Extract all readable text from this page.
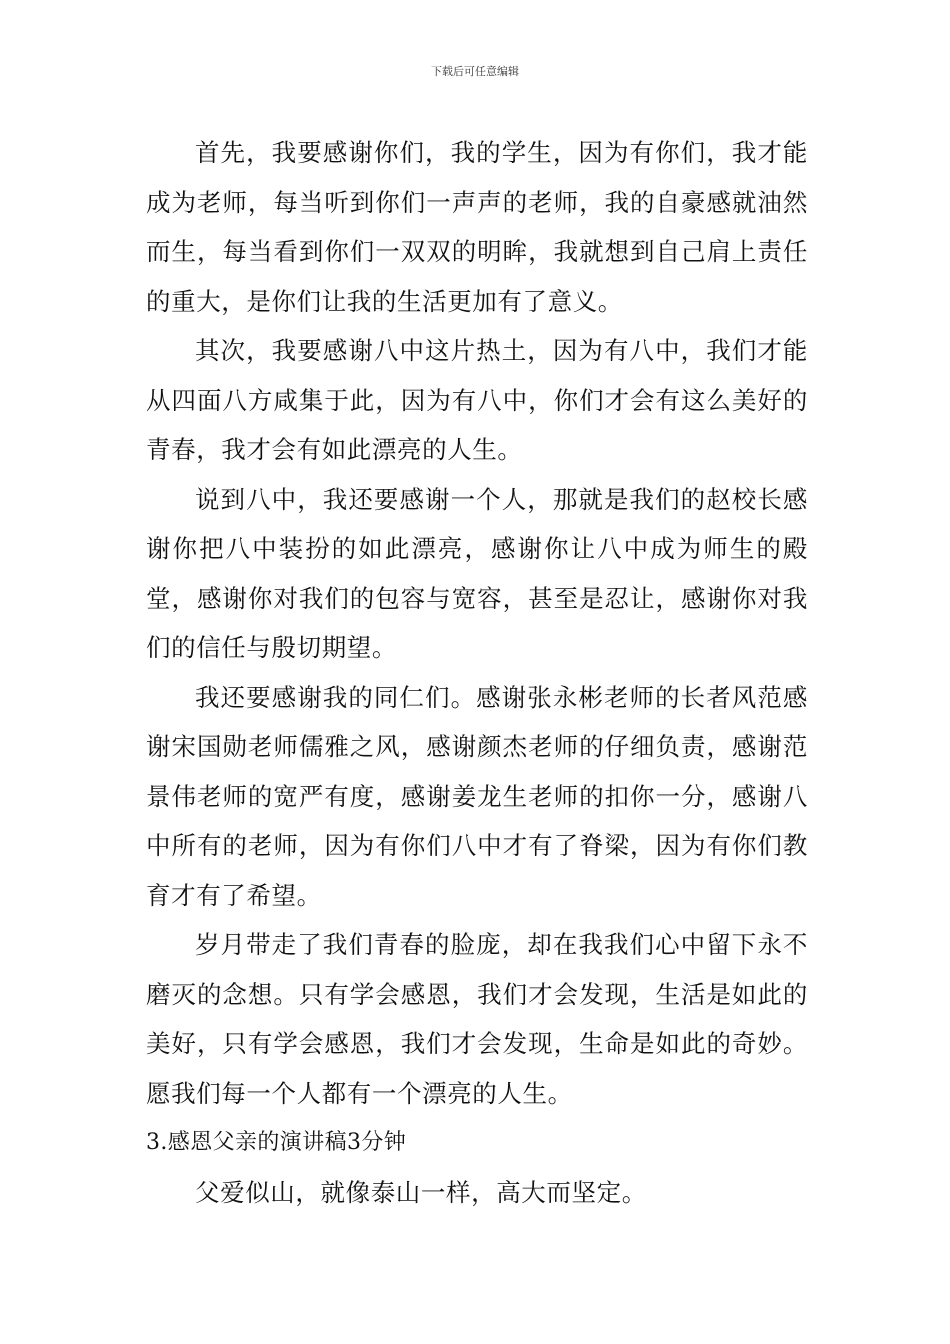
下载后可任意编辑

首先，我要感谢你们，我的学生，因为有你们，我才能成为老师，每当听到你们一声声的老师，我的自豪感就油然而生，每当看到你们一双双的明眸，我就想到自己肩上责任的重大，是你们让我的生活更加有了意义。

其次，我要感谢八中这片热土，因为有八中，我们才能从四面八方咸集于此，因为有八中，你们才会有这么美好的青春，我才会有如此漂亮的人生。

说到八中，我还要感谢一个人，那就是我们的赵校长感谢你把八中装扮的如此漂亮，感谢你让八中成为师生的殿堂，感谢你对我们的包容与宽容，甚至是忍让，感谢你对我们的信任与殷切期望。

我还要感谢我的同仁们。感谢张永彬老师的长者风范感谢宋国勋老师儒雅之风，感谢颜杰老师的仔细负责，感谢范景伟老师的宽严有度，感谢姜龙生老师的扣你一分，感谢八中所有的老师，因为有你们八中才有了脊梁，因为有你们教育才有了希望。

岁月带走了我们青春的脸庞，却在我我们心中留下永不磨灭的念想。只有学会感恩，我们才会发现，生活是如此的美好，只有学会感恩，我们才会发现，生命是如此的奇妙。愿我们每一个人都有一个漂亮的人生。

3.感恩父亲的演讲稿3分钟

父爱似山，就像泰山一样，高大而坚定。
